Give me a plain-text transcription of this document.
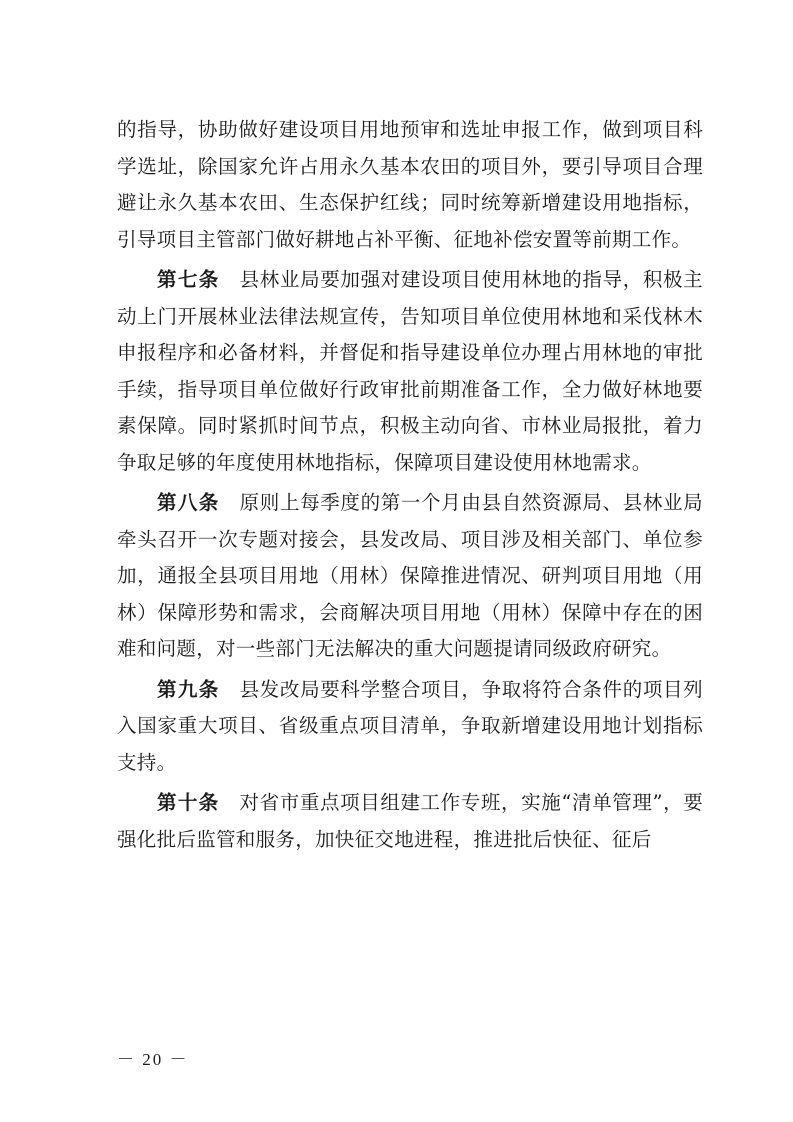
的指导，协助做好建设项目用地预审和选址申报工作，做到项目科学选址，除国家允许占用永久基本农田的项目外，要引导项目合理避让永久基本农田、生态保护红线；同时统筹新增建设用地指标，引导项目主管部门做好耕地占补平衡、征地补偿安置等前期工作。

第七条 县林业局要加强对建设项目使用林地的指导，积极主动上门开展林业法律法规宣传，告知项目单位使用林地和采伐林木申报程序和必备材料，并督促和指导建设单位办理占用林地的审批手续，指导项目单位做好行政审批前期准备工作，全力做好林地要素保障。同时紧抓时间节点，积极主动向省、市林业局报批，着力争取足够的年度使用林地指标，保障项目建设使用林地需求。

第八条 原则上每季度的第一个月由县自然资源局、县林业局牵头召开一次专题对接会，县发改局、项目涉及相关部门、单位参加，通报全县项目用地（用林）保障推进情况、研判项目用地（用林）保障形势和需求，会商解决项目用地（用林）保障中存在的困难和问题，对一些部门无法解决的重大问题提请同级政府研究。

第九条 县发改局要科学整合项目，争取将符合条件的项目列入国家重大项目、省级重点项目清单，争取新增建设用地计划指标支持。

第十条 对省市重点项目组建工作专班，实施“清单管理”，要强化批后监管和服务，加快征交地进程，推进批后快征、征后

－ 20 －
